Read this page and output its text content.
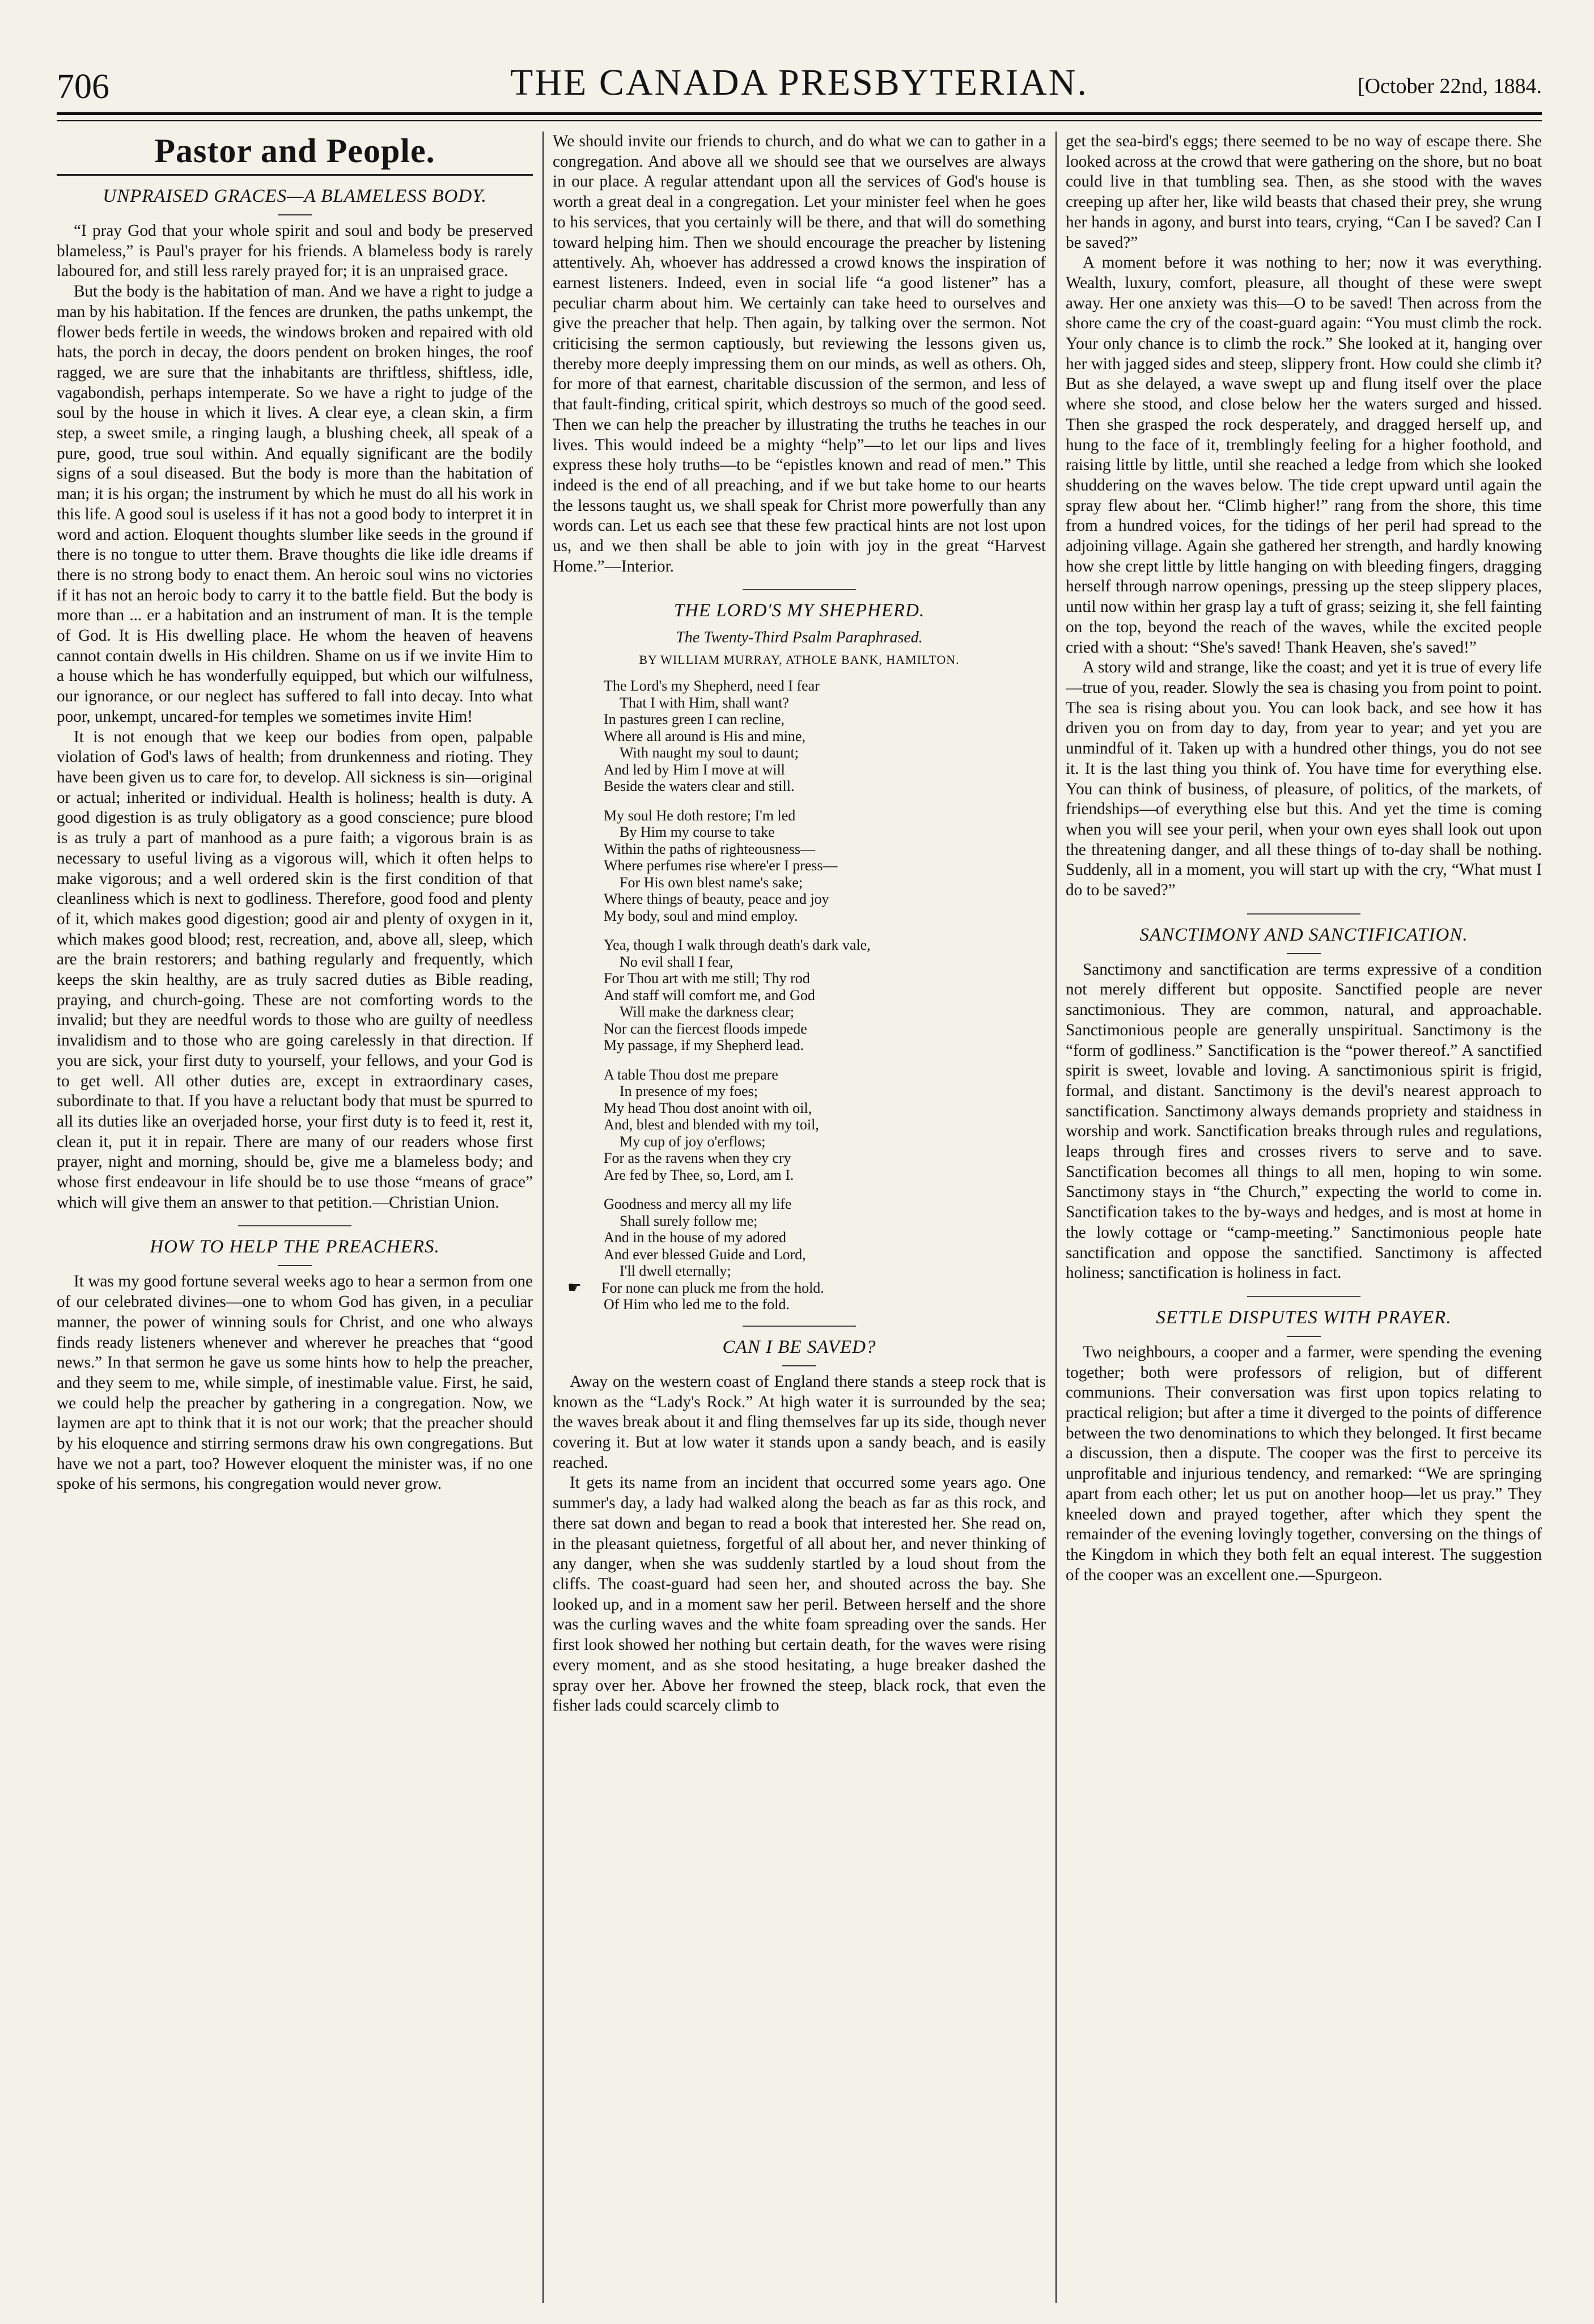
706	THE CANADA PRESBYTERIAN.	[October 22nd, 1884.
Pastor and People.
UNPRAISED GRACES—A BLAMELESS BODY.

“I pray God that your whole spirit and soul and body be preserved blameless,” is Paul's prayer for his friends. A blameless body is rarely laboured for, and still less rarely prayed for; it is an unpraised grace.

But the body is the habitation of man. And we have a right to judge a man by his habitation. If the fences are drunken, the paths unkempt, the flower beds fertile in weeds, the windows broken and repaired with old hats, the porch in decay, the doors pendent on broken hinges, the roof ragged, we are sure that the inhabitants are thriftless, shiftless, idle, vagabondish, perhaps intemperate. So we have a right to judge of the soul by the house in which it lives. A clear eye, a clean skin, a firm step, a sweet smile, a ringing laugh, a blushing cheek, all speak of a pure, good, true soul within. And equally significant are the bodily signs of a soul diseased. But the body is more than the habitation of man; it is his organ; the instrument by which he must do all his work in this life. A good soul is useless if it has not a good body to interpret it in word and action. Eloquent thoughts slumber like seeds in the ground if there is no tongue to utter them. Brave thoughts die like idle dreams if there is no strong body to enact them. An heroic soul wins no victories if it has not an heroic body to carry it to the battle field. But the body is more than ... er a habitation and an instrument of man. It is the temple of God. It is His dwelling place. He whom the heaven of heavens cannot contain dwells in His children. Shame on us if we invite Him to a house which he has wonderfully equipped, but which our wilfulness, our ignorance, or our neglect has suffered to fall into decay. Into what poor, unkempt, uncared-for temples we sometimes invite Him!

It is not enough that we keep our bodies from open, palpable violation of God's laws of health; from drunkenness and rioting. They have been given us to care for, to develop. All sickness is sin—original or actual; inherited or individual. Health is holiness; health is duty. A good digestion is as truly obligatory as a good conscience; pure blood is as truly a part of manhood as a pure faith; a vigorous brain is as necessary to useful living as a vigorous will, which it often helps to make vigorous; and a well ordered skin is the first condition of that cleanliness which is next to godliness. Therefore, good food and plenty of it, which makes good digestion; good air and plenty of oxygen in it, which makes good blood; rest, recreation, and, above all, sleep, which are the brain restorers; and bathing regularly and frequently, which keeps the skin healthy, are as truly sacred duties as Bible reading, praying, and church-going. These are not comforting words to the invalid; but they are needful words to those who are guilty of needless invalidism and to those who are going carelessly in that direction. If you are sick, your first duty to yourself, your fellows, and your God is to get well. All other duties are, except in extraordinary cases, subordinate to that. If you have a reluctant body that must be spurred to all its duties like an overjaded horse, your first duty is to feed it, rest it, clean it, put it in repair. There are many of our readers whose first prayer, night and morning, should be, give me a blameless body; and whose first endeavour in life should be to use those “means of grace” which will give them an answer to that petition.—Christian Union.

HOW TO HELP THE PREACHERS.

It was my good fortune several weeks ago to hear a sermon from one of our celebrated divines—one to whom God has given, in a peculiar manner, the power of winning souls for Christ, and one who always finds ready listeners whenever and wherever he preaches that “good news.” In that sermon he gave us some hints how to help the preacher, and they seem to me, while simple, of inestimable value. First, he said, we could help the preacher by gathering in a congregation. Now, we laymen are apt to think that it is not our work; that the preacher should by his eloquence and stirring sermons draw his own congregations. But have we not a part, too? However eloquent the minister was, if no one spoke of his sermons, his congregation would never grow.

We should invite our friends to church, and do what we can to gather in a congregation. And above all we should see that we ourselves are always in our place. A regular attendant upon all the services of God's house is worth a great deal in a congregation. Let your minister feel when he goes to his services, that you certainly will be there, and that will do something toward helping him. Then we should encourage the preacher by listening attentively. Ah, whoever has addressed a crowd knows the inspiration of earnest listeners. Indeed, even in social life “a good listener” has a peculiar charm about him. We certainly can take heed to ourselves and give the preacher that help. Then again, by talking over the sermon. Not criticising the sermon captiously, but reviewing the lessons given us, thereby more deeply impressing them on our minds, as well as others. Oh, for more of that earnest, charitable discussion of the sermon, and less of that fault-finding, critical spirit, which destroys so much of the good seed. Then we can help the preacher by illustrating the truths he teaches in our lives. This would indeed be a mighty “help”—to let our lips and lives express these holy truths—to be “epistles known and read of men.” This indeed is the end of all preaching, and if we but take home to our hearts the lessons taught us, we shall speak for Christ more powerfully than any words can. Let us each see that these few practical hints are not lost upon us, and we then shall be able to join with joy in the great “Harvest Home.”—Interior.

THE LORD'S MY SHEPHERD.
The Twenty-Third Psalm Paraphrased.
BY WILLIAM MURRAY, ATHOLE BANK, HAMILTON.
The Lord's my Shepherd, need I fear
That I with Him, shall want?
In pastures green I can recline,
Where all around is His and mine,
With naught my soul to daunt;
And led by Him I move at will
Beside the waters clear and still.
My soul He doth restore; I'm led
By Him my course to take
Within the paths of righteousness—
Where perfumes rise where'er I press—
For His own blest name's sake;
Where things of beauty, peace and joy
My body, soul and mind employ.
Yea, though I walk through death's dark vale,
No evil shall I fear,
For Thou art with me still; Thy rod
And staff will comfort me, and God
Will make the darkness clear;
Nor can the fiercest floods impede
My passage, if my Shepherd lead.
A table Thou dost me prepare
In presence of my foes;
My head Thou dost anoint with oil,
And, blest and blended with my toil,
My cup of joy o'erflows;
For as the ravens when they cry
Are fed by Thee, so, Lord, am I.
Goodness and mercy all my life
Shall surely follow me;
And in the house of my adored
And ever blessed Guide and Lord,
I'll dwell eternally;
☛ For none can pluck me from the hold.
Of Him who led me to the fold.
CAN I BE SAVED?

Away on the western coast of England there stands a steep rock that is known as the “Lady's Rock.” At high water it is surrounded by the sea; the waves break about it and fling themselves far up its side, though never covering it. But at low water it stands upon a sandy beach, and is easily reached.

It gets its name from an incident that occurred some years ago. One summer's day, a lady had walked along the beach as far as this rock, and there sat down and began to read a book that interested her. She read on, in the pleasant quietness, forgetful of all about her, and never thinking of any danger, when she was suddenly startled by a loud shout from the cliffs. The coast-guard had seen her, and shouted across the bay. She looked up, and in a moment saw her peril. Between herself and the shore was the curling waves and the white foam spreading over the sands. Her first look showed her nothing but certain death, for the waves were rising every moment, and as she stood hesitating, a huge breaker dashed the spray over her. Above her frowned the steep, black rock, that even the fisher lads could scarcely climb to

get the sea-bird's eggs; there seemed to be no way of escape there. She looked across at the crowd that were gathering on the shore, but no boat could live in that tumbling sea. Then, as she stood with the waves creeping up after her, like wild beasts that chased their prey, she wrung her hands in agony, and burst into tears, crying, “Can I be saved? Can I be saved?”

A moment before it was nothing to her; now it was everything. Wealth, luxury, comfort, pleasure, all thought of these were swept away. Her one anxiety was this—O to be saved! Then across from the shore came the cry of the coast-guard again: “You must climb the rock. Your only chance is to climb the rock.” She looked at it, hanging over her with jagged sides and steep, slippery front. How could she climb it? But as she delayed, a wave swept up and flung itself over the place where she stood, and close below her the waters surged and hissed. Then she grasped the rock desperately, and dragged herself up, and hung to the face of it, tremblingly feeling for a higher foothold, and raising little by little, until she reached a ledge from which she looked shuddering on the waves below. The tide crept upward until again the spray flew about her. “Climb higher!” rang from the shore, this time from a hundred voices, for the tidings of her peril had spread to the adjoining village. Again she gathered her strength, and hardly knowing how she crept little by little hanging on with bleeding fingers, dragging herself through narrow openings, pressing up the steep slippery places, until now within her grasp lay a tuft of grass; seizing it, she fell fainting on the top, beyond the reach of the waves, while the excited people cried with a shout: “She's saved! Thank Heaven, she's saved!”

A story wild and strange, like the coast; and yet it is true of every life—true of you, reader. Slowly the sea is chasing you from point to point. The sea is rising about you. You can look back, and see how it has driven you on from day to day, from year to year; and yet you are unmindful of it. Taken up with a hundred other things, you do not see it. It is the last thing you think of. You have time for everything else. You can think of business, of pleasure, of politics, of the markets, of friendships—of everything else but this. And yet the time is coming when you will see your peril, when your own eyes shall look out upon the threatening danger, and all these things of to-day shall be nothing. Suddenly, all in a moment, you will start up with the cry, “What must I do to be saved?”

SANCTIMONY AND SANCTIFICATION.

Sanctimony and sanctification are terms expressive of a condition not merely different but opposite. Sanctified people are never sanctimonious. They are common, natural, and approachable. Sanctimonious people are generally unspiritual. Sanctimony is the “form of godliness.” Sanctification is the “power thereof.” A sanctified spirit is sweet, lovable and loving. A sanctimonious spirit is frigid, formal, and distant. Sanctimony is the devil's nearest approach to sanctification. Sanctimony always demands propriety and staidness in worship and work. Sanctification breaks through rules and regulations, leaps through fires and crosses rivers to serve and to save. Sanctification becomes all things to all men, hoping to win some. Sanctimony stays in “the Church,” expecting the world to come in. Sanctification takes to the by-ways and hedges, and is most at home in the lowly cottage or “camp-meeting.” Sanctimonious people hate sanctification and oppose the sanctified. Sanctimony is affected holiness; sanctification is holiness in fact.

SETTLE DISPUTES WITH PRAYER.

Two neighbours, a cooper and a farmer, were spending the evening together; both were professors of religion, but of different communions. Their conversation was first upon topics relating to practical religion; but after a time it diverged to the points of difference between the two denominations to which they belonged. It first became a discussion, then a dispute. The cooper was the first to perceive its unprofitable and injurious tendency, and remarked: “We are springing apart from each other; let us put on another hoop—let us pray.” They kneeled down and prayed together, after which they spent the remainder of the evening lovingly together, conversing on the things of the Kingdom in which they both felt an equal interest. The suggestion of the cooper was an excellent one.—Spurgeon.
